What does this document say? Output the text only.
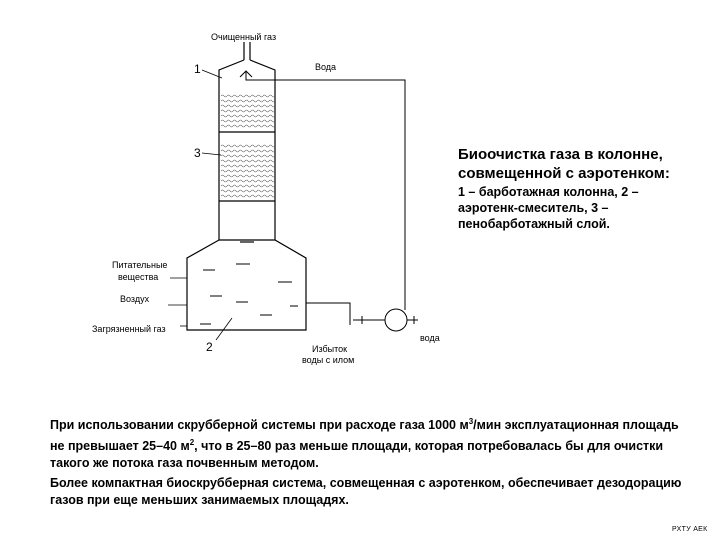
Очищенный газ
Вода
1
3
2
Питательные
вещества
Воздух
Загрязненный газ
Избыток
воды с илом
вода
Биоочистка газа в колонне,
совмещенной с аэротенком:
1 – барботажная колонна, 2 – аэротенк-смеситель, 3 – пенобарботажный слой.
При использовании скрубберной системы при расходе газа 1000 $м^3$/мин эксплуатационная площадь не превышает 25–40 $м^2$, что в 25–80 раз меньше площади, которая потребовалась бы для очистки такого же потока газа почвенным методом.
Более компактная биоскрубберная система, совмещенная с аэротенком, обеспечивает дезодорацию газов при еще меньших занимаемых площадях.
РХТУ АЕК
